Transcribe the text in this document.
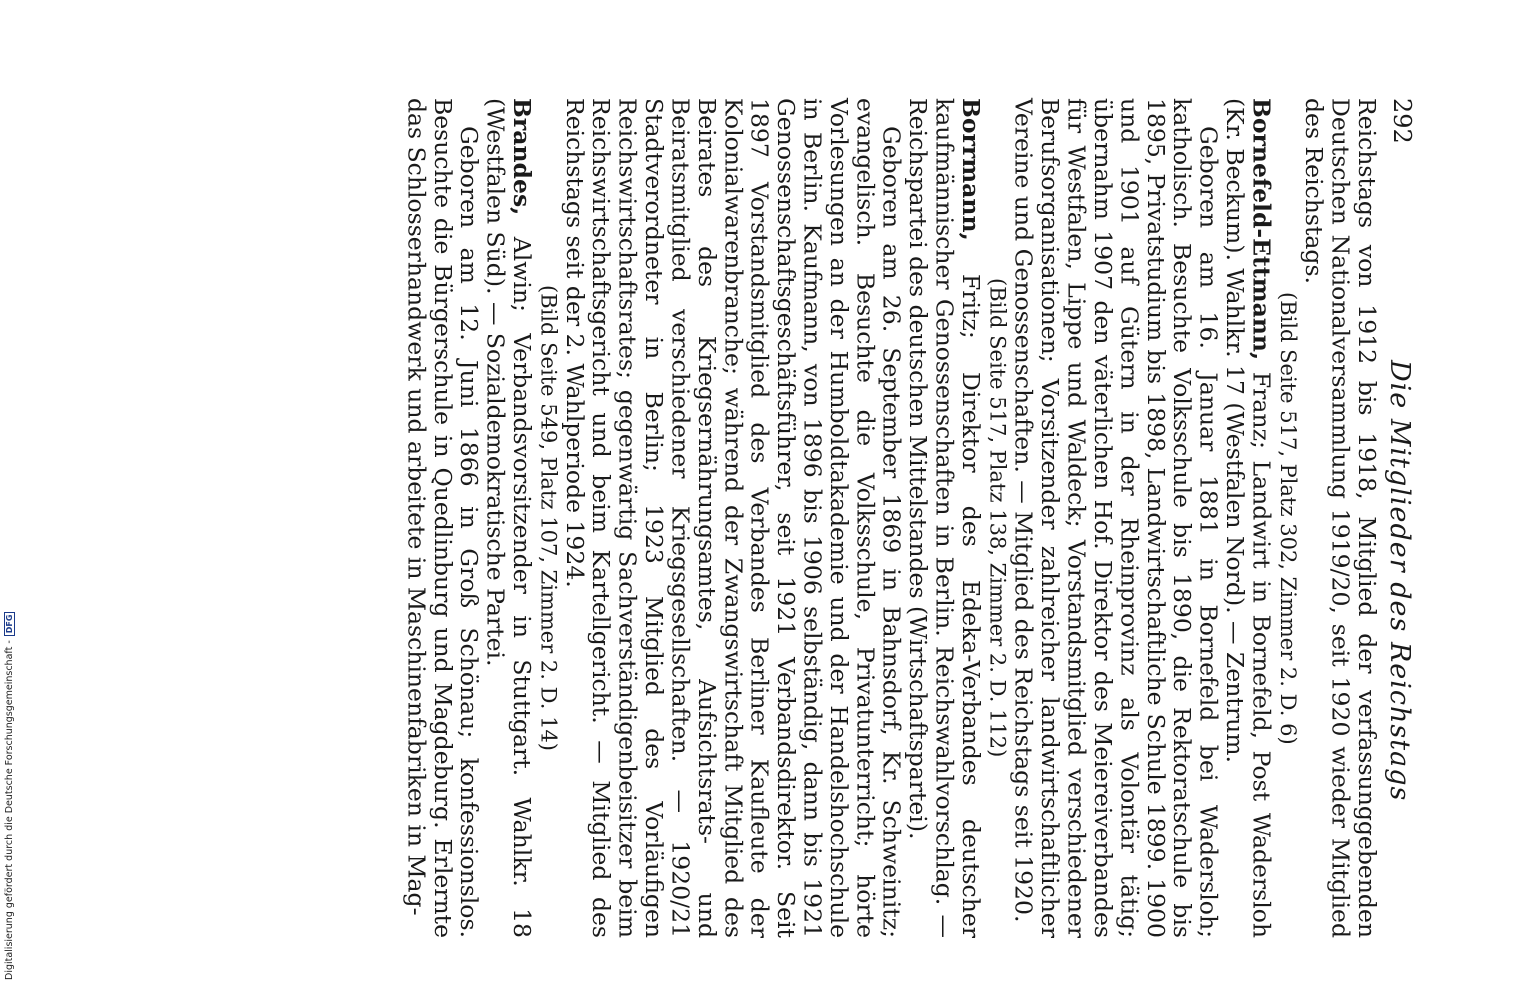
292
Die Mitglieder des Reichstags

Reichstags von 1912 bis 1918, Mitglied der verfassunggebenden Deutschen Nationalversammlung 1919/20, seit 1920 wieder Mitglied des Reichstags.

(Bild Seite 517, Platz 302, Zimmer 2. D. 6)

Bornefeld-Ettmann, Franz; Landwirt in Bornefeld, Post Wadersloh (Kr. Beckum). Wahlkr. 17 (Westfalen Nord). — Zentrum.

Geboren am 16. Januar 1881 in Bornefeld bei Wadersloh; katholisch. Besuchte Volksschule bis 1890, die Rektoratschule bis 1895, Privatstudium bis 1898, Landwirtschaftliche Schule 1899. 1900 und 1901 auf Gütern in der Rheinprovinz als Volontär tätig; übernahm 1907 den väterlichen Hof. Direktor des Meiereiverbandes für Westfalen, Lippe und Waldeck; Vorstandsmitglied verschiedener Berufsorganisationen; Vorsitzender zahlreicher landwirtschaftlicher Vereine und Genossenschaften. — Mitglied des Reichstags seit 1920.

(Bild Seite 517, Platz 138, Zimmer 2. D. 112)

Borrmann, Fritz; Direktor des Edeka-Verbandes deutscher kaufmännischer Genossenschaften in Berlin. Reichswahlvorschlag. — Reichspartei des deutschen Mittelstandes (Wirtschaftspartei).

Geboren am 26. September 1869 in Bahnsdorf, Kr. Schweinitz; evangelisch. Besuchte die Volksschule, Privatunterricht; hörte Vorlesungen an der Humboldtakademie und der Handelshochschule in Berlin. Kaufmann, von 1896 bis 1906 selbständig, dann bis 1921 Genossenschaftsgeschäftsführer, seit 1921 Verbandsdirektor. Seit 1897 Vorstandsmitglied des Verbandes Berliner Kaufleute der Kolonialwarenbranche; während der Zwangswirtschaft Mitglied des Beirates des Kriegsernährungsamtes, Aufsichtsrats- und Beiratsmitglied verschiedener Kriegsgesellschaften. — 1920/21 Stadtverordneter in Berlin; 1923 Mitglied des Vorläufigen Reichswirtschaftsrates; gegenwärtig Sachverständigenbeisitzer beim Reichswirtschaftsgericht und beim Kartellgericht. — Mitglied des Reichstags seit der 2. Wahlperiode 1924.

(Bild Seite 549, Platz 107, Zimmer 2. D. 14)

Brandes, Alwin; Verbandsvorsitzender in Stuttgart. Wahlkr. 18 (Westfalen Süd). — Sozialdemokratische Partei.

Geboren am 12. Juni 1866 in Groß Schönau; konfessionslos. Besuchte die Bürgerschule in Quedlinburg und Magdeburg. Erlernte das Schlosserhandwerk und arbeitete in Maschinenfabriken in Mag-

Digitalisierung gefördert durch die Deutsche Forschungsgemeinschaft -DFG
